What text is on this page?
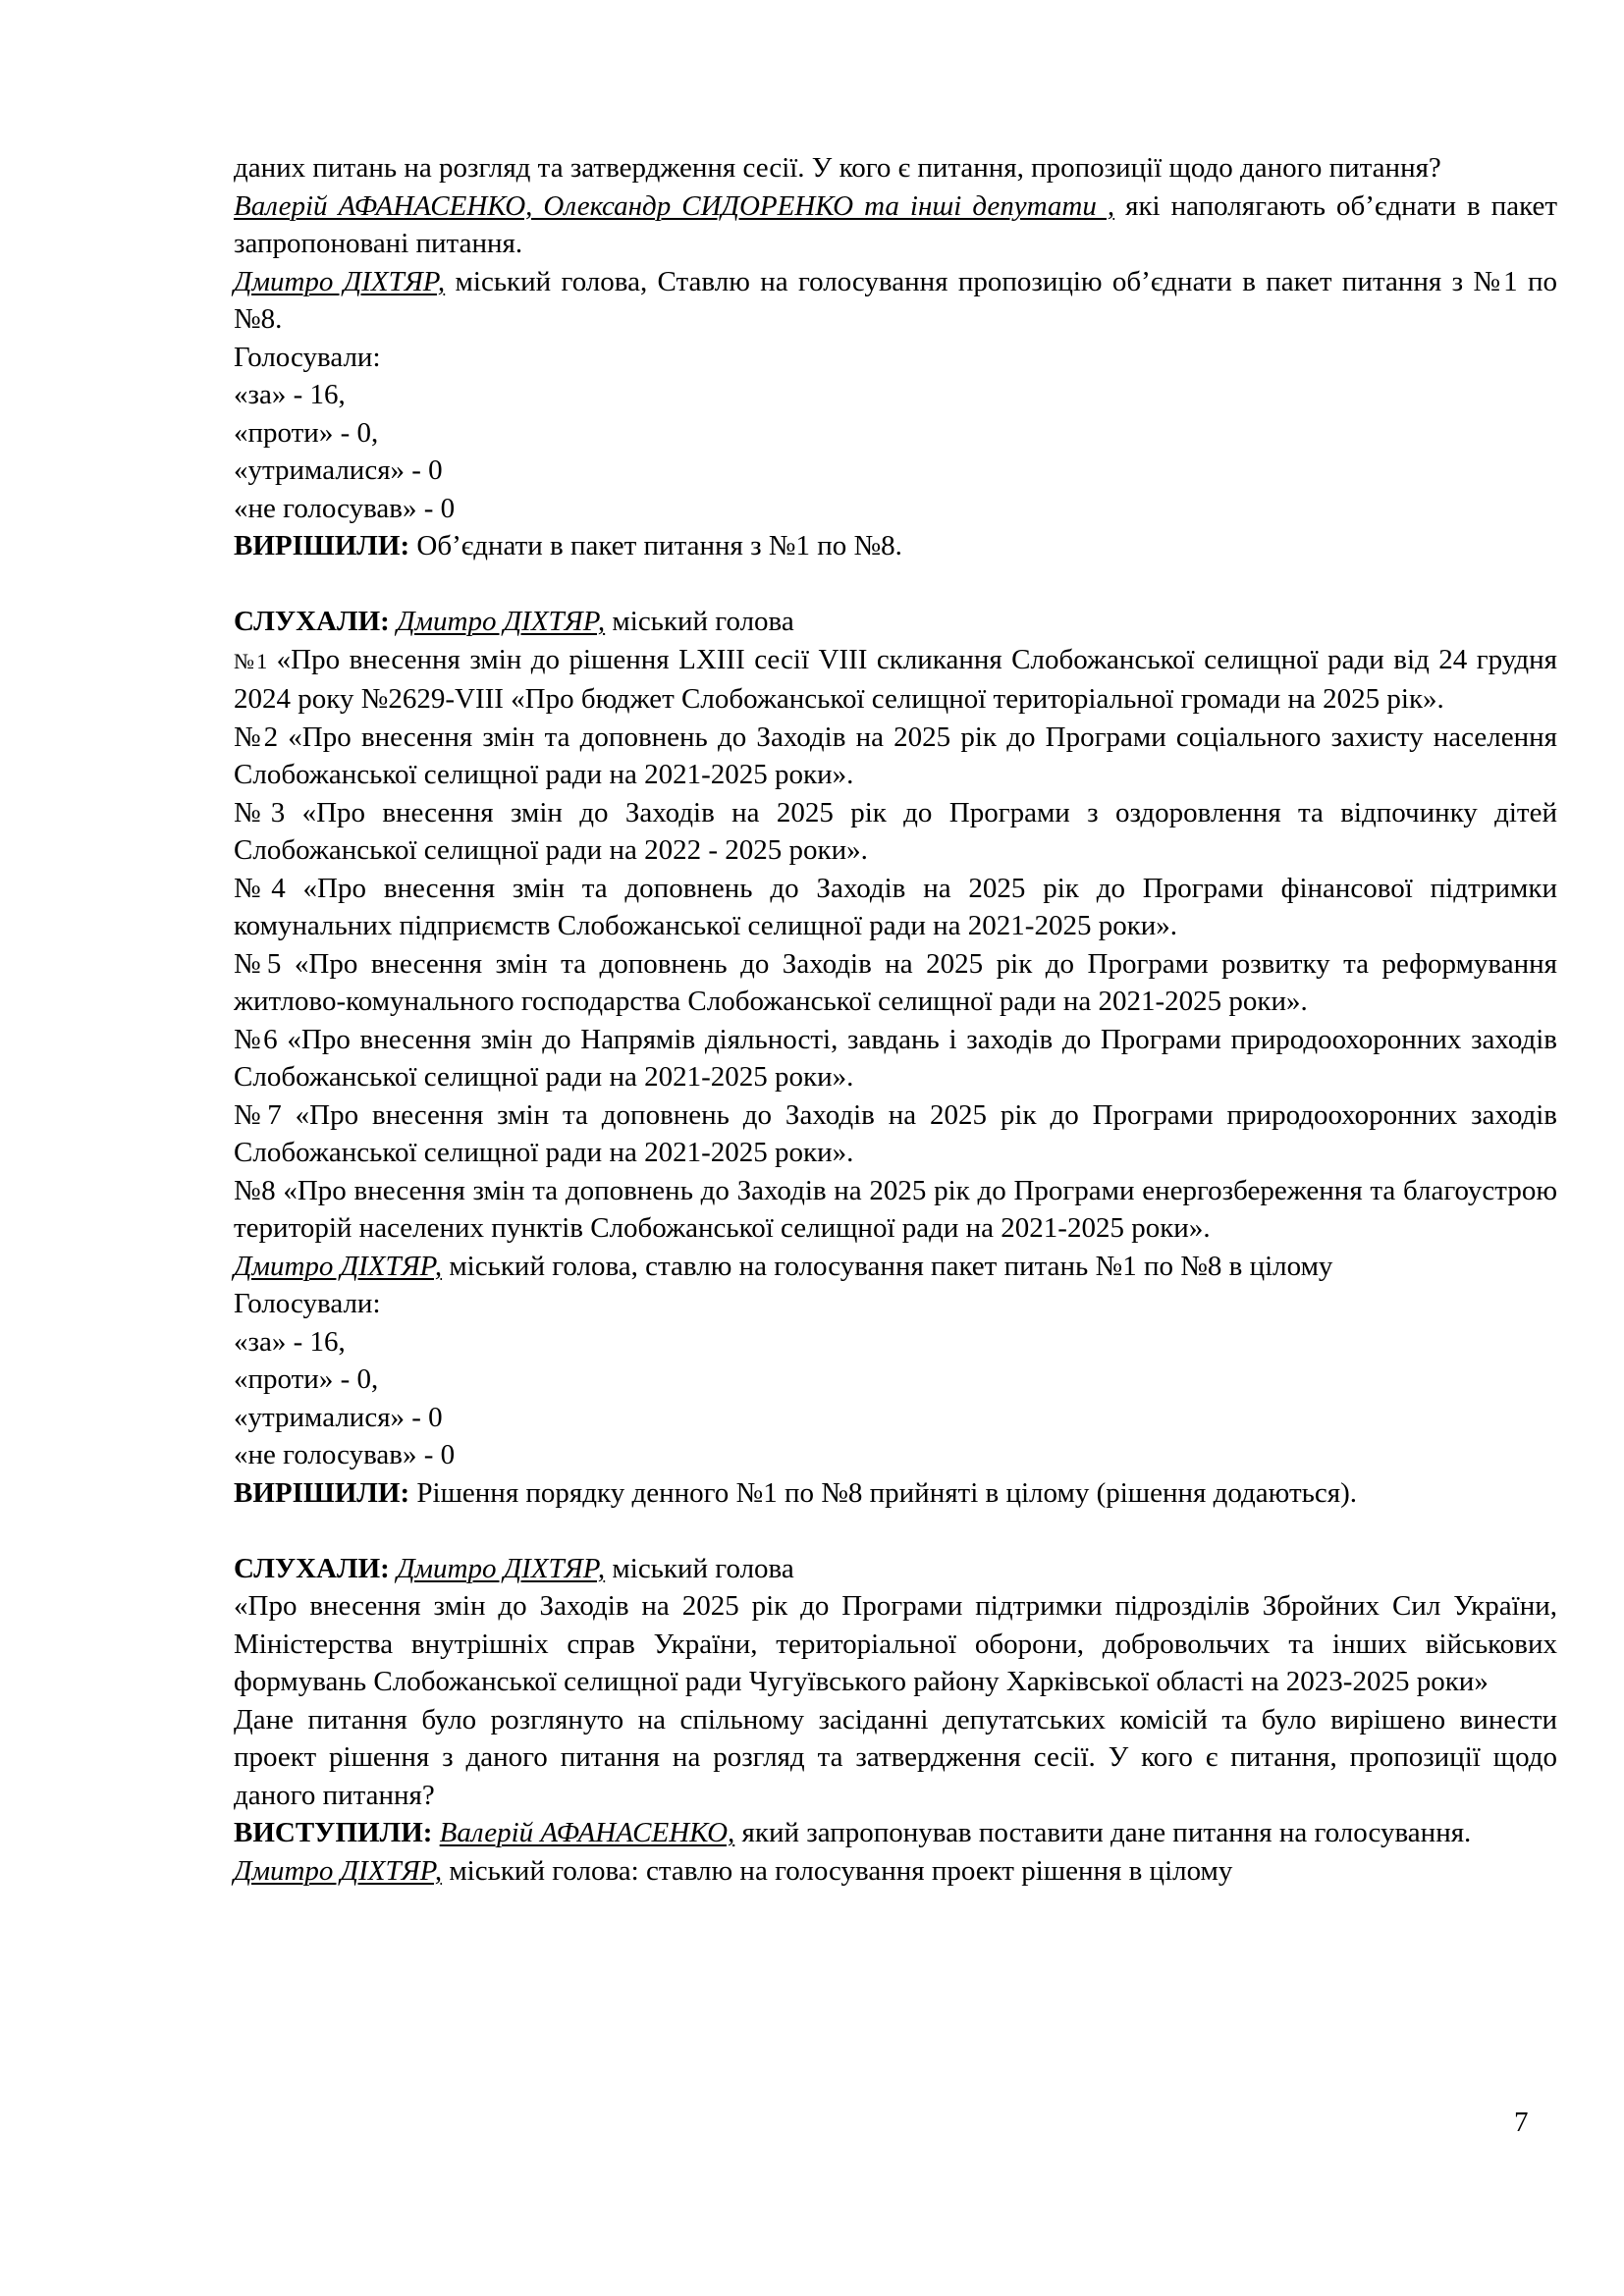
даних питань на розгляд та затвердження сесії. У кого є питання, пропозиції щодо даного питання?

Валерій АФАНАСЕНКО, Олександр СИДОРЕНКО та інші депутати , які наполягають об’єднати в пакет запропоновані питання.

Дмитро ДІХТЯР, міський голова, Ставлю на голосування пропозицію об’єднати в пакет питання з №1 по №8.

Голосували:

«за» - 16,

«проти» - 0,

«утрималися» - 0

«не голосував» - 0

ВИРІШИЛИ: Об’єднати в пакет питання з №1 по №8.

СЛУХАЛИ: Дмитро ДІХТЯР, міський голова

№1 «Про внесення змін до рішення LXIII сесії VIII скликання Слобожанської селищної ради від 24 грудня 2024 року №2629-VIII «Про бюджет Слобожанської селищної територіальної громади на 2025 рік».

№2 «Про внесення змін та доповнень до Заходів на 2025 рік до Програми соціального захисту населення Слобожанської селищної ради на 2021-2025 роки».

№3 «Про внесення змін до Заходів на 2025 рік до Програми з оздоровлення та відпочинку дітей Слобожанської селищної ради на 2022 - 2025 роки».

№4 «Про внесення змін та доповнень до Заходів на 2025 рік до Програми фінансової підтримки комунальних підприємств Слобожанської селищної ради на 2021-2025 роки».

№5 «Про внесення змін та доповнень до Заходів на 2025 рік до Програми розвитку та реформування житлово-комунального господарства Слобожанської селищної ради на 2021-2025 роки».

№6 «Про внесення змін до Напрямів діяльності, завдань і заходів до Програми природоохоронних заходів Слобожанської селищної ради на 2021-2025 роки».

№7 «Про внесення змін та доповнень до Заходів на 2025 рік до Програми природоохоронних заходів Слобожанської селищної ради на 2021-2025 роки».

№8 «Про внесення змін та доповнень до Заходів на 2025 рік до Програми енергозбереження та благоустрою територій населених пунктів Слобожанської селищної ради на 2021-2025 роки».

Дмитро ДІХТЯР, міський голова, ставлю на голосування пакет питань №1 по №8 в цілому

Голосували:

«за» - 16,

«проти» - 0,

«утрималися» - 0

«не голосував» - 0

ВИРІШИЛИ: Рішення порядку денного №1 по №8 прийняті в цілому (рішення додаються).

СЛУХАЛИ: Дмитро ДІХТЯР, міський голова

«Про внесення змін до Заходів на 2025 рік до Програми підтримки підрозділів Збройних Сил України, Міністерства внутрішніх справ України, територіальної оборони, добровольчих та інших військових формувань Слобожанської селищної ради Чугуївського району Харківської області на 2023-2025 роки»

Дане питання було розглянуто на спільному засіданні депутатських комісій та було вирішено винести проект рішення з даного питання на розгляд та затвердження сесії. У кого є питання, пропозиції щодо даного питання?

ВИСТУПИЛИ: Валерій АФАНАСЕНКО, який запропонував поставити дане питання на голосування.

Дмитро ДІХТЯР, міський голова: ставлю на голосування проект рішення в цілому

7
